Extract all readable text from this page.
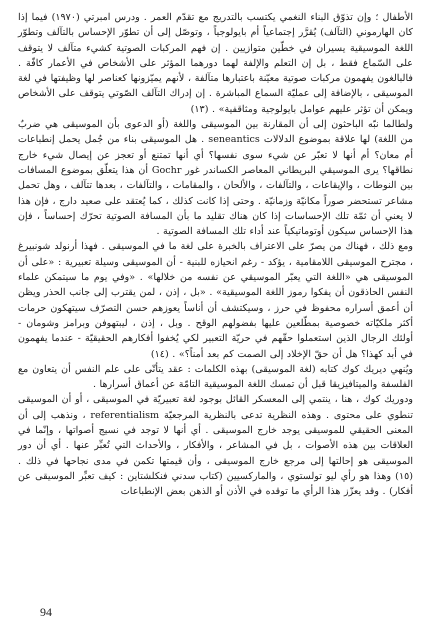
الأطفال ؛ وإن تذوّق البناء النغمي يكتسب بالتدريج مع تقدّم العمر . ودرس امبرتي (١٩٧٠) فيما إذا كان الهارموني (التآلف) يُقرَّر إجتماعياً أم بايولوجياً ، وتوصّل إلى أن تطوّر الإحساس بالتآلف وتطوّر اللغة الموسيقية يسيران في خطّين متوازيين . إن فهم المركبات الصوتية كشيء متآلف لا يتوقف على السّماع فقط ، بل إن التعلم والإلفة لهما دورهما المؤثر على الأشخاص في الأعمار كافّة . فالبالغون يفهمون مركبات صوتية معيّنة باعتبارها متآلفة ، لأنهم يميّزونها كعناصر لها وظيفتها في لغة الموسيقى ، بالإضافة إلى عمليّة السماع المباشرة . إن إدراك التآلف الصّوتي يتوقف على الأشخاص ويمكن أن تؤثر عليهم عوامل بايولوجية ومثاقفية» . (١٣)

ولطالما نبّه الباحثون إلى أن المقارنة بين الموسيقى واللغة (أو الدعوى بأن الموسيقى هي ضربٌ من اللغة) لها علاقة بموضوع الدلالات seneantics . هل الموسيقى بناء من جُمل يحمل إنطباعات أم معان؟ أم أنها لا تعبّر عن شيء سوى نفسها؟ أي أنها تمتنع أو تعجز عن إيصال شيء خارج نطاقها؟ يرى الموسيقي البريطاني المعاصر الكساندر غور Gochr أن هذا يتعلّق بموضوع المسافات بين النوطات ، والإيقاعات ، والتآلفات ، والألحان ، والمقامات ، والتآلفات ، بعدها تتآلف ، وهل تحمل مشاعر تستحضر صوراً مكانيّة وزمانيّة . وحتى إذا كانت كذلك ، كما يُعتقد على صعيد دارج ، فإن هذا لا يعني أن ثمّة تلك الإحساسات إذا كان هناك تقليد ما بأن المسافة الصوتية تحرّك إحساساً ، فإن هذا الإحساس سيكون أوتوماتيكياً عند أداء تلك المسافة الصوتية .

ومع ذلك ، فهناك من يصرّ على الاعتراف بالخبرة على لغة ما في الموسيقى . فهذا أرنولد شونبيرغ ، مجترح الموسيقى اللامقامية ، يؤكد - رغم انحيازه للبنية - أن الموسيقى وسيلة تعبيرية : «على أن الموسيقى هي «اللغة التي يعبّر الموسيقي عن نفسه من خلالها» . «وفي يوم ما سيتمكن علماء النفس الحاذقون أن يفكوا رموز اللغة الموسيقية» . «بل ، إذن ، لمن يقترب إلى جانب الحذر ويظن أن أعمق أسراره محفوظ في حرز ، وسيكتشف أن أناساً يعوزهم حسن التصرّف سيتهكون حرمات أكثر ملكيّاته خصوصية بمطّلعين عليها بفضولهم الوقح . وبل ، إذن ، ليبتهوفن وبرامز وشومان - أولئك الرجال الذين استعملوا حقّهم في حريّة التعبير لكي يُخفوا أفكارهم الحقيقيّة - عندما يفهمون في أبد كهذا؟ هل أن حقّ الإخلاد إلى الصمت كم بعد أمناً؟» . (١٤)

ويُنهي ديريك كوك كتابه (لغة الموسيقى) بهذه الكلمات : عقد يتأتّى على علم النفس أن يتعاون مع الفلسفة والميتافيزيقا قبل أن تمسك اللغة الموسيقية التامّة عن أعماق أسرارها .

ودوريك كوك ، هنا ، ينتمي إلى المعسكر القائل بوجود لغة تعبيريّة في الموسيقى ، أو أن الموسيقى تنطوي على محتوى . وهذه النظرية تدعى بالنظرية المرجعيّة referentialism ، ونذهب إلى أن المعنى الحقيقي للموسيقى يوجد خارج الموسيقى . أي أنها لا توجد في نسيج أصواتها ، وإنّما في العلاقات بين هذه الأصوات ، بل في المشاعر ، والأفكار ، والأحداث التي تُعبِّر عنها . أي أن دور الموسيقى هو إحالتها إلى مرجع خارج الموسيقى ، وأن قيمتها تكمن في مدى نجاحها في ذلك . (١٥) وهذا هو رأي ليو تولستوي ، والماركسيين (كتاب سدني فنكلشتاين : كيف تعبِّر الموسيقى عن أفكار) . وقد يعزّز هذا الرأي ما توقده في الأذن أو الذهن بعض الإنطباعات

94
